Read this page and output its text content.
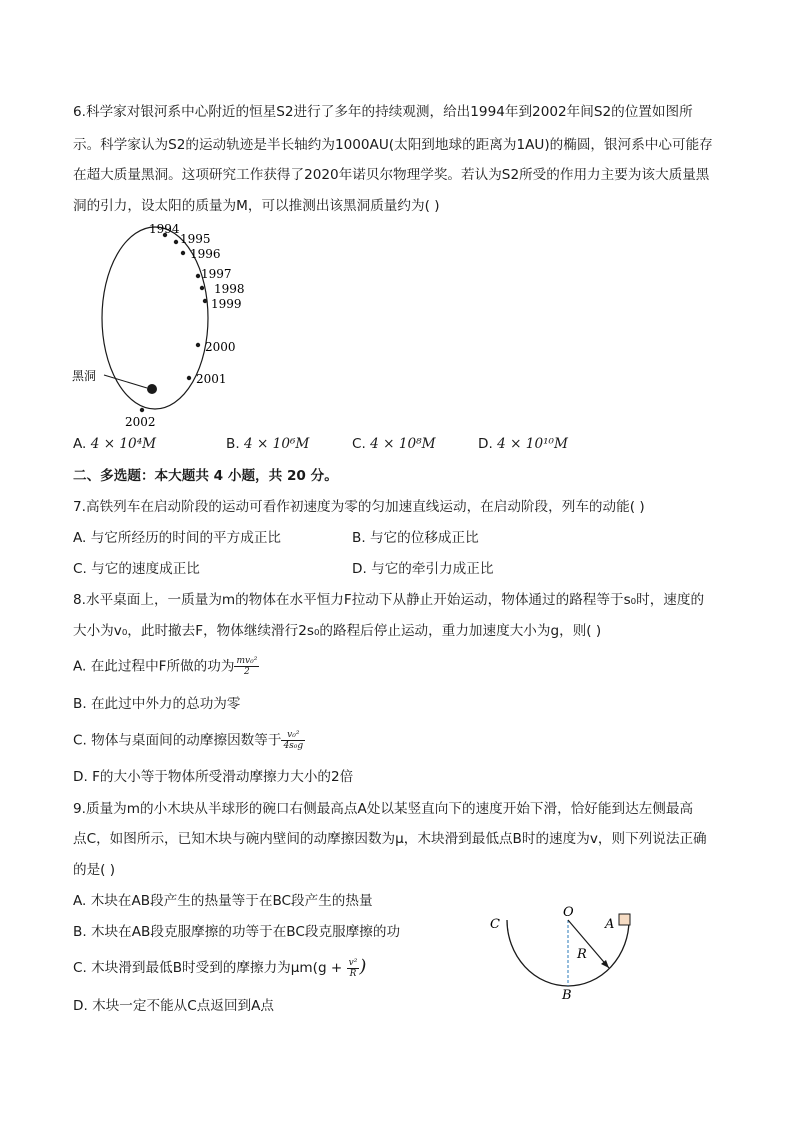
6.科学家对银河系中心附近的恒星S2进行了多年的持续观测，给出1994年到2002年间S2的位置如图所
示。科学家认为S2的运动轨迹是半长轴约为1000AU(太阳到地球的距离为1AU)的椭圆，银河系中心可能存
在超大质量黑洞。这项研究工作获得了2020年诺贝尔物理学奖。若认为S2所受的作用力主要为该大质量黑
洞的引力，设太阳的质量为M，可以推测出该黑洞质量约为( )
1994
1995
1996
1997
1998
1999
2000
2001
2002
黑洞
A. 4 × 10⁴M	B. 4 × 10⁶M	C. 4 × 10⁸M	D. 4 × 10¹⁰M
二、多选题：本大题共 4 小题，共 20 分。
7.高铁列车在启动阶段的运动可看作初速度为零的匀加速直线运动，在启动阶段，列车的动能( )
A. 与它所经历的时间的平方成正比	B. 与它的位移成正比
C. 与它的速度成正比	D. 与它的牵引力成正比
8.水平桌面上，一质量为m的物体在水平恒力F拉动下从静止开始运动，物体通过的路程等于s₀时，速度的
大小为v₀，此时撤去F，物体继续滑行2s₀的路程后停止运动，重力加速度大小为g，则( )
A. 在此过程中F所做的功为 $\frac{\text{mv₀²}}{2}$
B. 在此过中外力的总功为零
C. 物体与桌面间的动摩擦因数等于 $\frac{\text{v₀²}}{\text{4s₀g}}$
D. F的大小等于物体所受滑动摩擦力大小的2倍
9.质量为m的小木块从半球形的碗口右侧最高点A处以某竖直向下的速度开始下滑，恰好能到达左侧最高
点C，如图所示，已知木块与碗内壁间的动摩擦因数为μ，木块滑到最低点B时的速度为v，则下列说法正确
的是( )
A. 木块在AB段产生的热量等于在BC段产生的热量
B. 木块在AB段克服摩擦的功等于在BC段克服摩擦的功
C. 木块滑到最低B时受到的摩擦力为$\mu m(g + \frac{\text{v²}}{R}$ )
D. 木块一定不能从C点返回到A点
C
O
A
R
B
